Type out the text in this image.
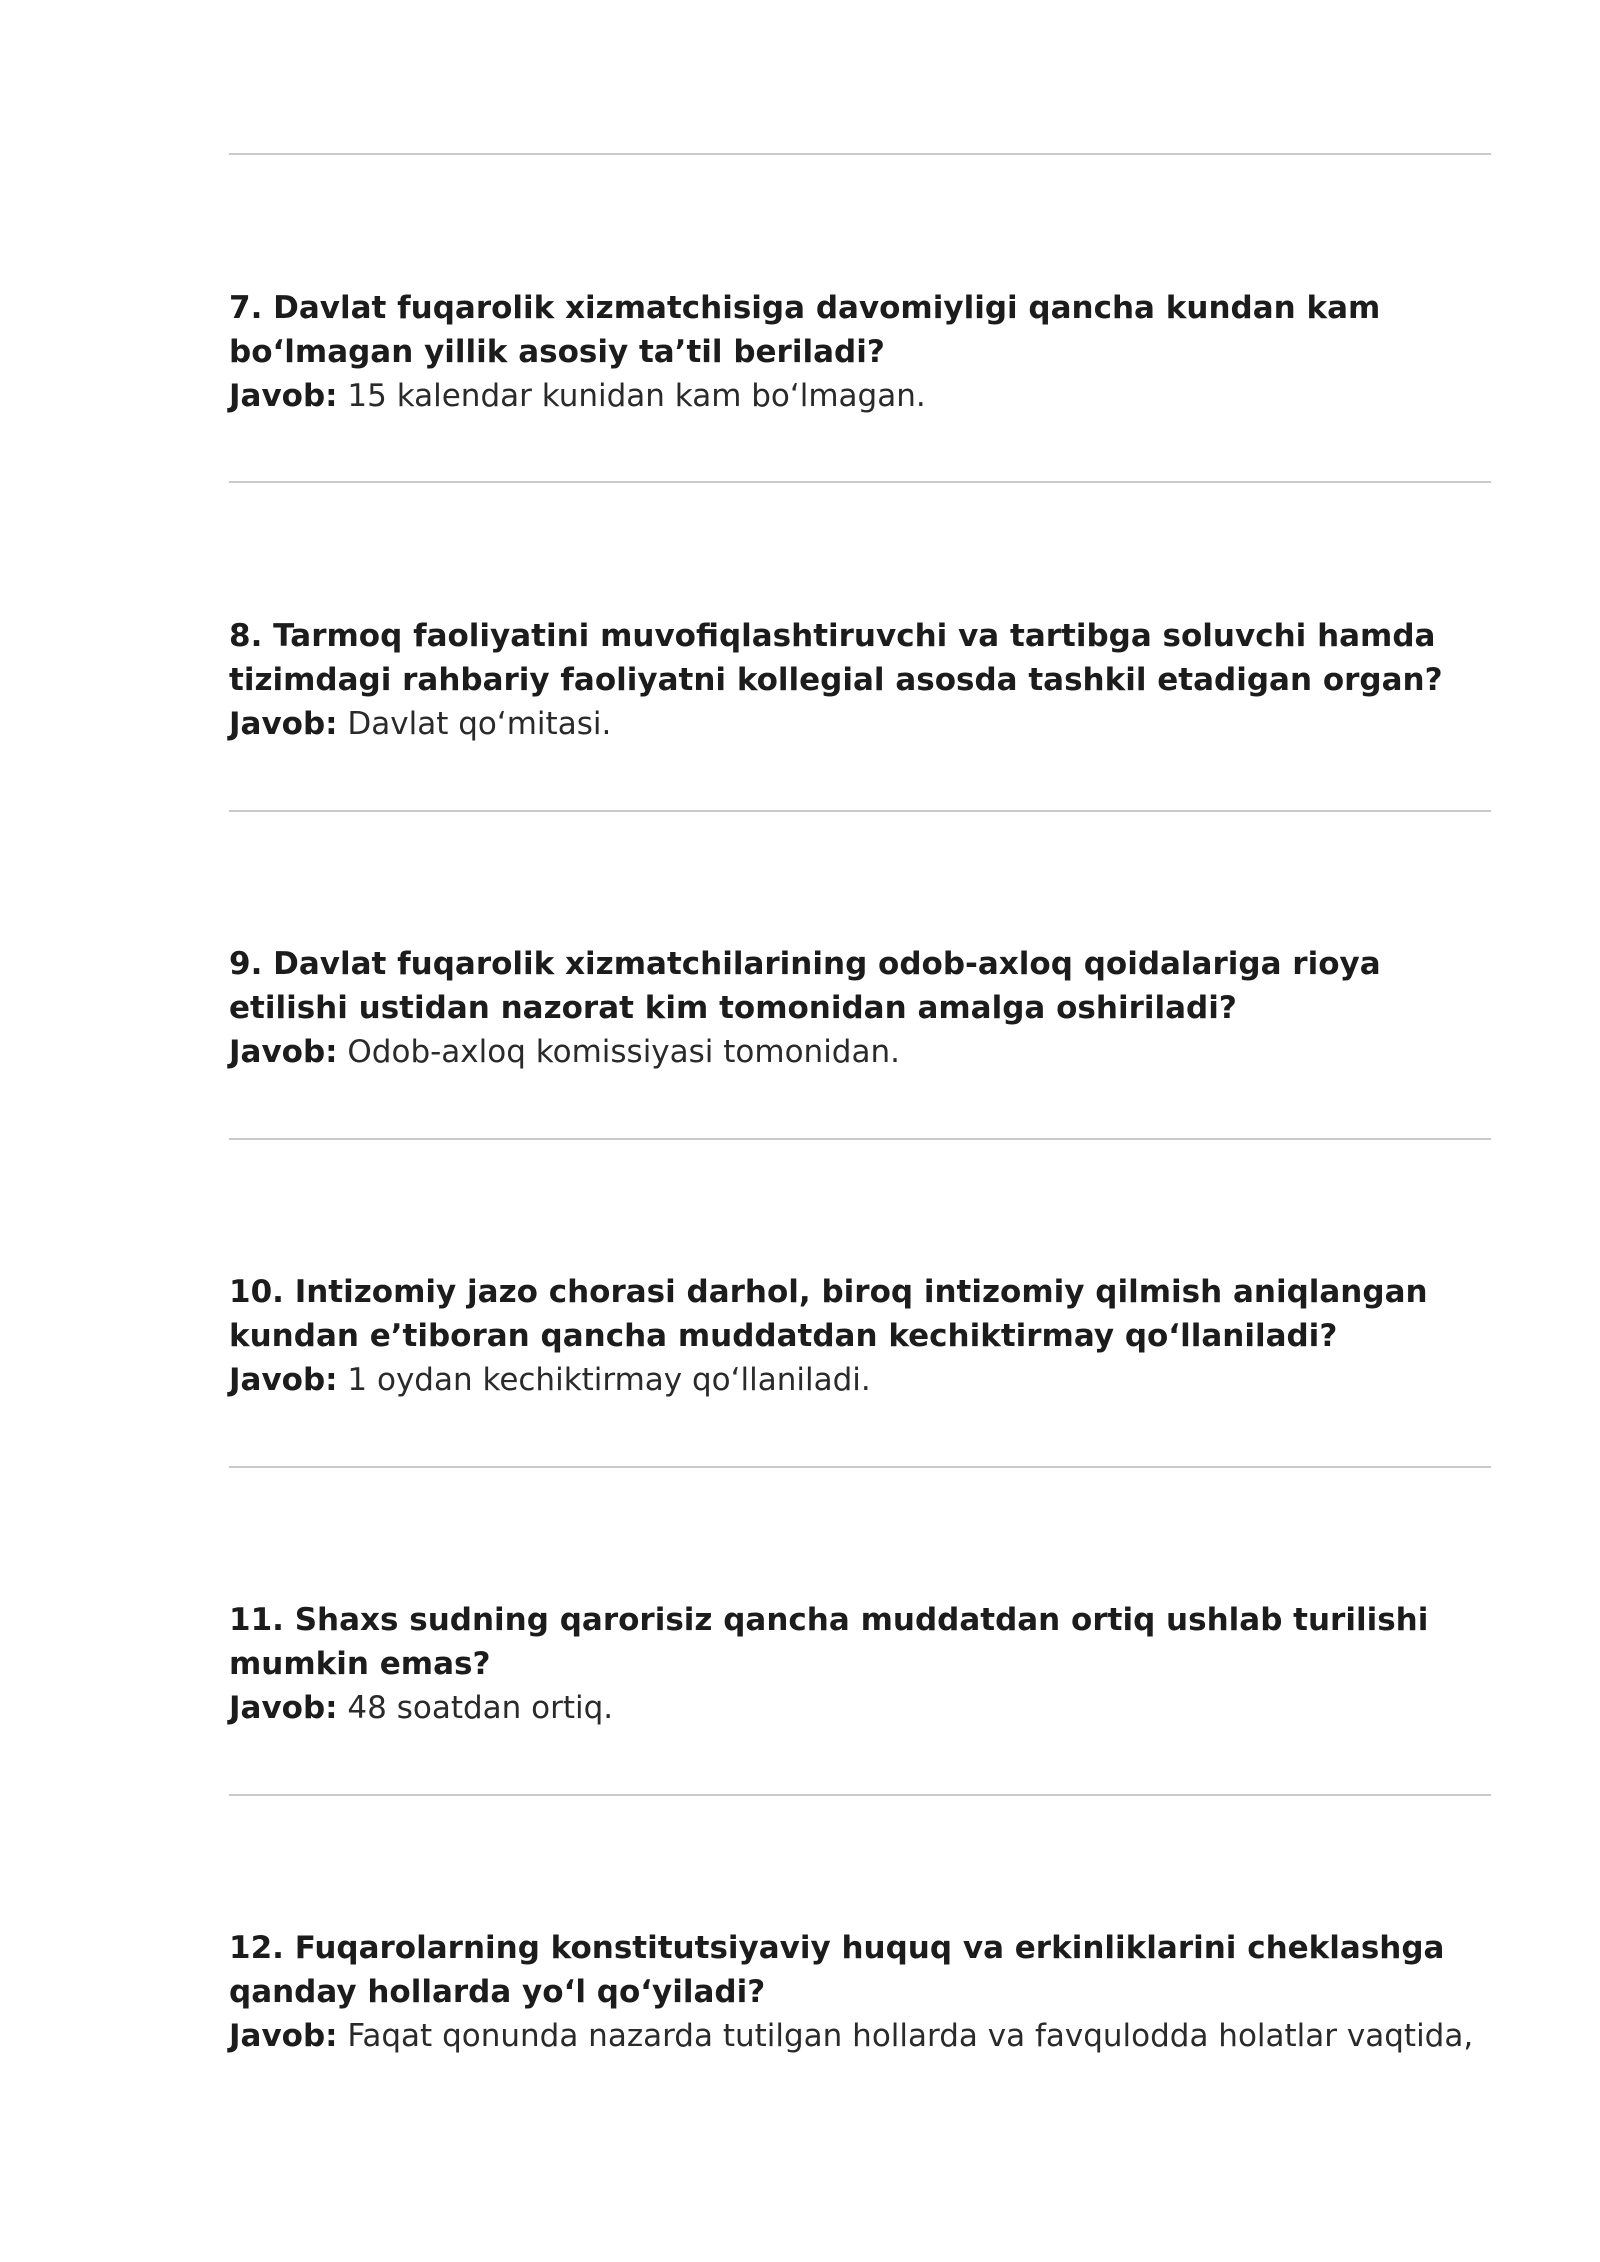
7. Davlat fuqarolik xizmatchisiga davomiyligi qancha kundan kam bo‘lmagan yillik asosiy ta’til beriladi?

Javob: 15 kalendar kunidan kam bo‘lmagan.

8. Tarmoq faoliyatini muvofiqlashtiruvchi va tartibga soluvchi hamda tizimdagi rahbariy faoliyatni kollegial asosda tashkil etadigan organ?

Javob: Davlat qo‘mitasi.

9. Davlat fuqarolik xizmatchilarining odob-axloq qoidalariga rioya etilishi ustidan nazorat kim tomonidan amalga oshiriladi?

Javob: Odob-axloq komissiyasi tomonidan.

10. Intizomiy jazo chorasi darhol, biroq intizomiy qilmish aniqlangan kundan e’tiboran qancha muddatdan kechiktirmay qo‘llaniladi?

Javob: 1 oydan kechiktirmay qo‘llaniladi.

11. Shaxs sudning qarorisiz qancha muddatdan ortiq ushlab turilishi mumkin emas?

Javob: 48 soatdan ortiq.

12. Fuqarolarning konstitutsiyaviy huquq va erkinliklarini cheklashga qanday hollarda yo‘l qo‘yiladi?

Javob: Faqat qonunda nazarda tutilgan hollarda va favqulodda holatlar vaqtida,
